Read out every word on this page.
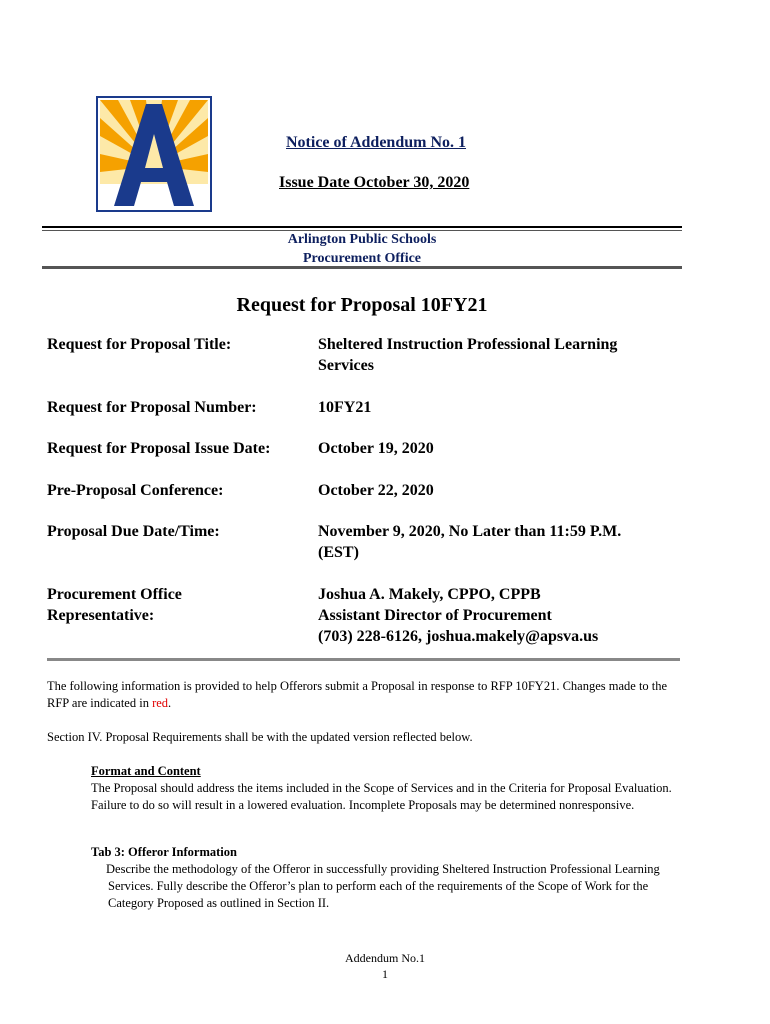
Notice of Addendum No. 1
Issue Date October 30, 2020
Arlington Public Schools
Procurement Office
Request for Proposal 10FY21
Request for Proposal Title:	Sheltered Instruction Professional Learning
Services
Request for Proposal Number:	10FY21
Request for Proposal Issue Date:	October 19, 2020
Pre-Proposal Conference:	October 22, 2020
Proposal Due Date/Time:	November 9, 2020, No Later than 11:59 P.M.
(EST)
Procurement Office
Representative:
Joshua A. Makely, CPPO, CPPB
Assistant Director of Procurement
(703) 228-6126, joshua.makely@apsva.us
The following information is provided to help Offerors submit a Proposal in response to RFP 10FY21. Changes made to the RFP are indicated in red.
Section IV. Proposal Requirements shall be with the updated version reflected below.
Format and Content
The Proposal should address the items included in the Scope of Services and in the Criteria for Proposal Evaluation. Failure to do so will result in a lowered evaluation. Incomplete Proposals may be determined nonresponsive.
Tab 3: Offeror Information
Describe the methodology of the Offeror in successfully providing Sheltered Instruction Professional Learning Services. Fully describe the Offeror’s plan to perform each of the requirements of the Scope of Work for the Category Proposed as outlined in Section II.
Addendum No.1
1
